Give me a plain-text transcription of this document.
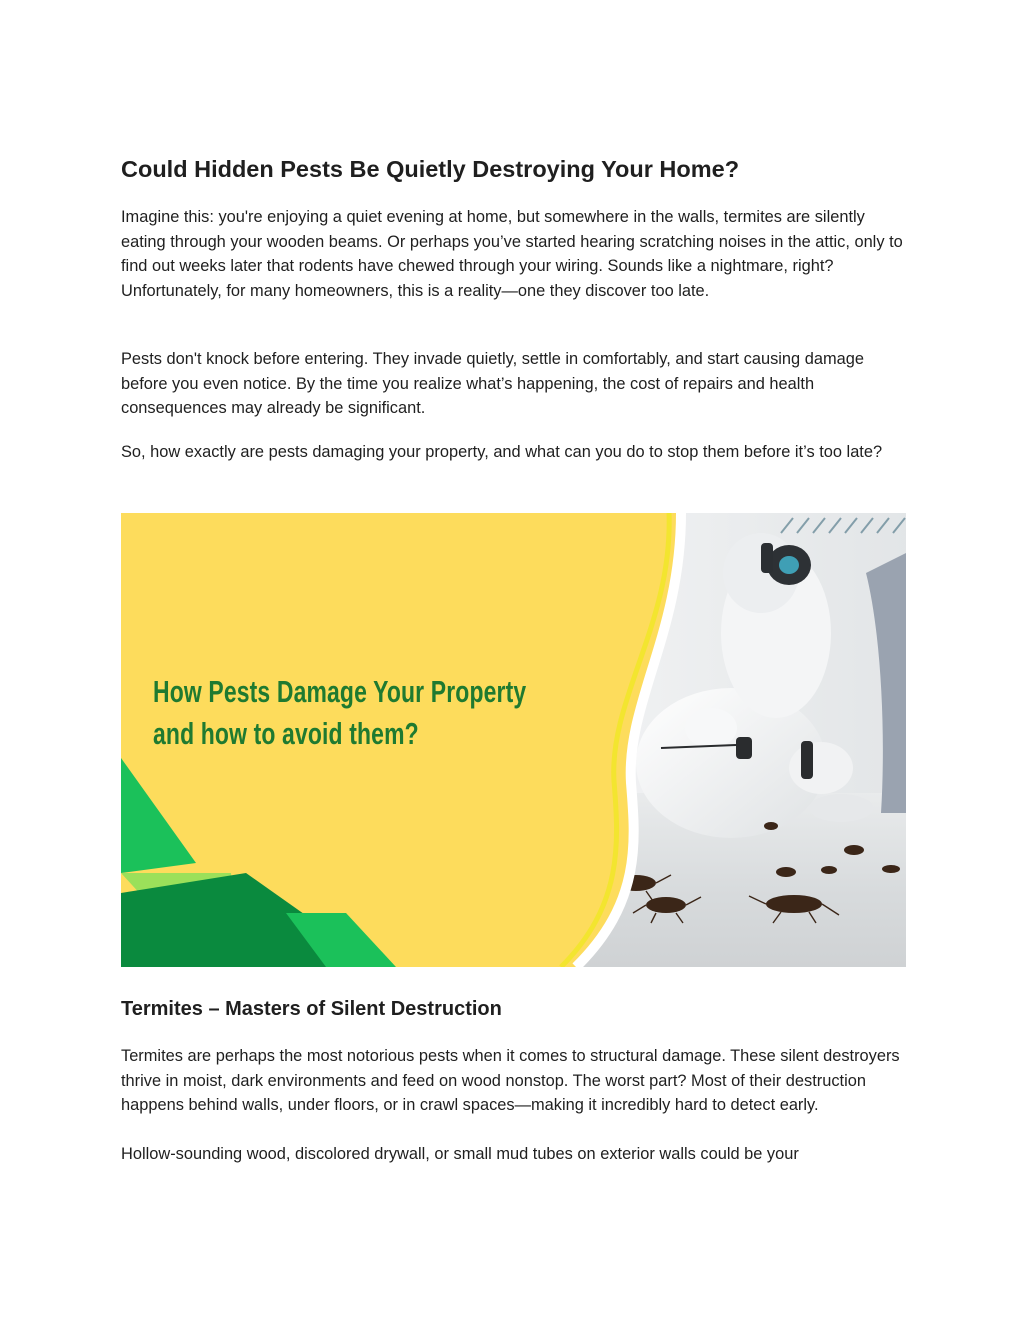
Could Hidden Pests Be Quietly Destroying Your Home?

Imagine this: you're enjoying a quiet evening at home, but somewhere in the walls, termites are silently eating through your wooden beams. Or perhaps you’ve started hearing scratching noises in the attic, only to find out weeks later that rodents have chewed through your wiring. Sounds like a nightmare, right? Unfortunately, for many homeowners, this is a reality—one they discover too late.

Pests don't knock before entering. They invade quietly, settle in comfortably, and start causing damage before you even notice. By the time you realize what’s happening, the cost of repairs and health consequences may already be significant.

So, how exactly are pests damaging your property, and what can you do to stop them before it’s too late?

How Pests Damage Your Property
and how to avoid them?
Termites – Masters of Silent Destruction

Termites are perhaps the most notorious pests when it comes to structural damage. These silent destroyers thrive in moist, dark environments and feed on wood nonstop. The worst part? Most of their destruction happens behind walls, under floors, or in crawl spaces—making it incredibly hard to detect early.

Hollow-sounding wood, discolored drywall, or small mud tubes on exterior walls could be your
